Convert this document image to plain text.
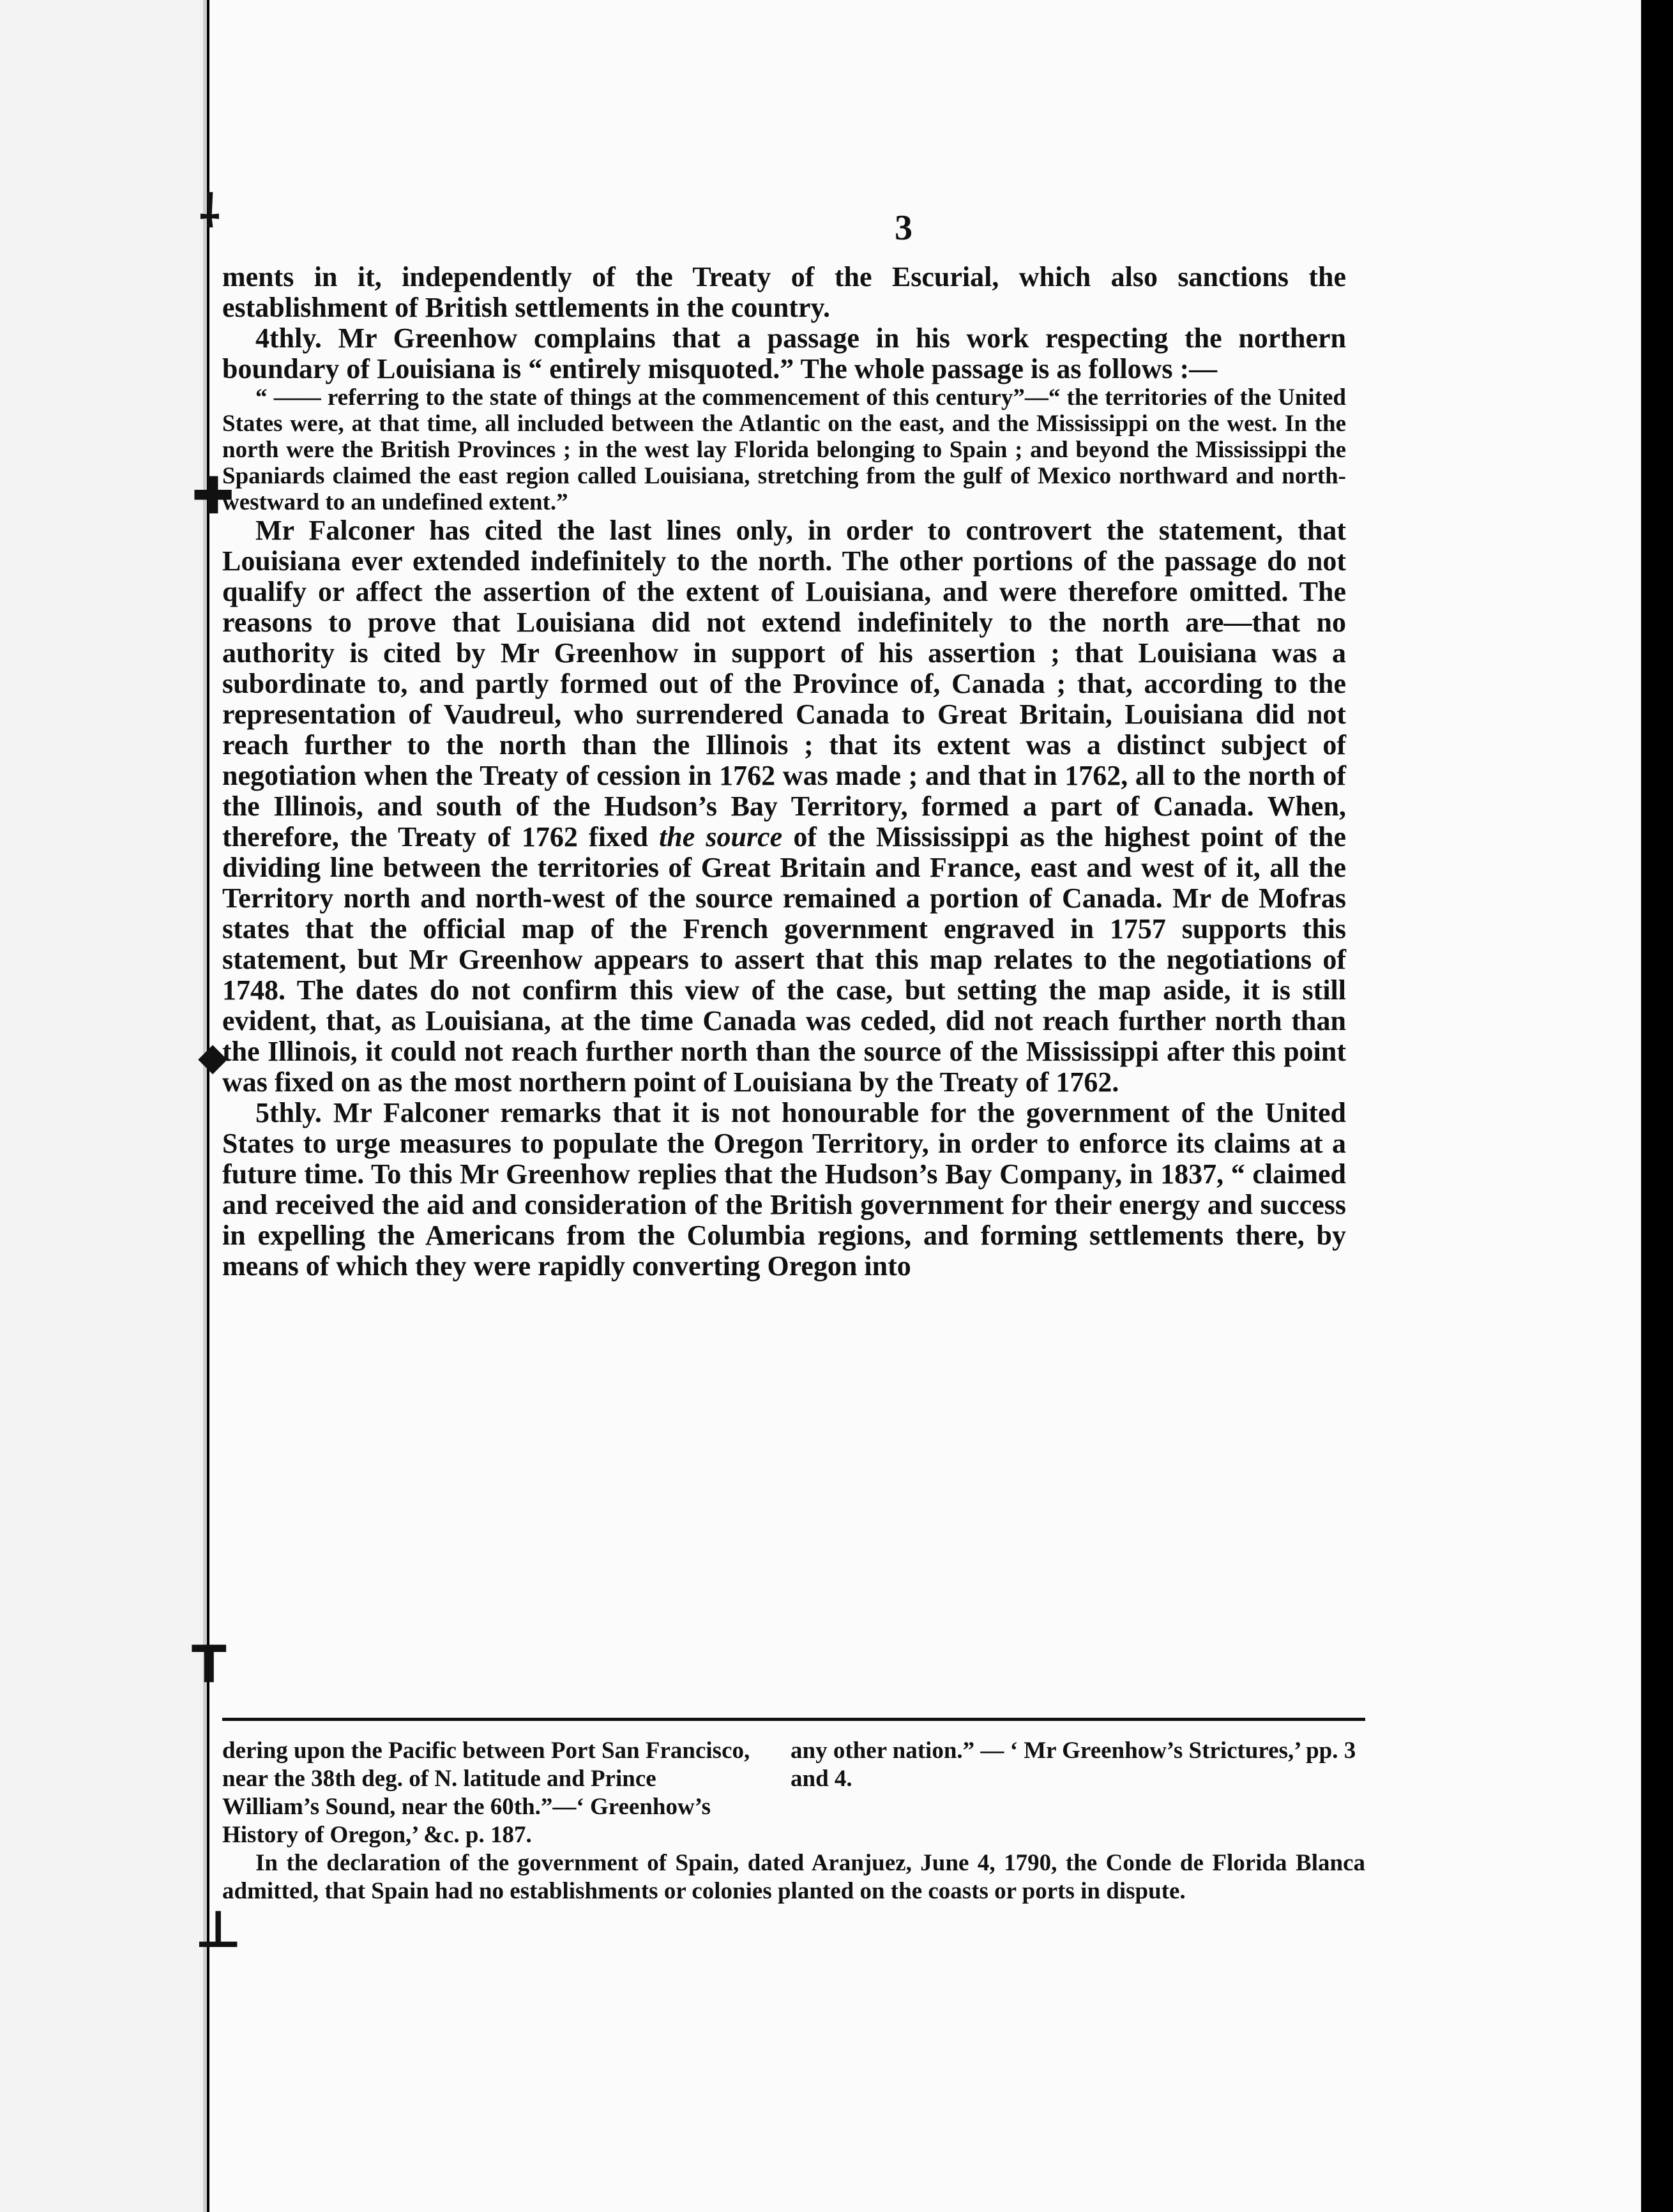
⸸
✚
◆
T
⊥
3

ments in it, independently of the Treaty of the Escurial, which also sanctions the establishment of British settlements in the country.

4thly. Mr Greenhow complains that a passage in his work respecting the northern boundary of Louisiana is “ entirely misquoted.” The whole passage is as follows :—

“ —— referring to the state of things at the commencement of this century”—“ the territories of the United States were, at that time, all included between the Atlantic on the east, and the Mississippi on the west. In the north were the British Provinces ; in the west lay Florida belonging to Spain ; and beyond the Mississippi the Spaniards claimed the east region called Louisiana, stretching from the gulf of Mexico northward and north-westward to an undefined extent.”

Mr Falconer has cited the last lines only, in order to controvert the statement, that Louisiana ever extended indefinitely to the north. The other portions of the passage do not qualify or affect the assertion of the extent of Louisiana, and were therefore omitted. The reasons to prove that Louisiana did not extend indefinitely to the north are—that no authority is cited by Mr Greenhow in support of his assertion ; that Louisiana was a subordinate to, and partly formed out of the Province of, Canada ; that, according to the representation of Vaudreul, who surrendered Canada to Great Britain, Louisiana did not reach further to the north than the Illinois ; that its extent was a distinct subject of negotiation when the Treaty of cession in 1762 was made ; and that in 1762, all to the north of the Illinois, and south of the Hudson’s Bay Territory, formed a part of Canada. When, therefore, the Treaty of 1762 fixed the source of the Mississippi as the highest point of the dividing line between the territories of Great Britain and France, east and west of it, all the Territory north and north-west of the source remained a portion of Canada. Mr de Mofras states that the official map of the French government engraved in 1757 supports this statement, but Mr Greenhow appears to assert that this map relates to the negotiations of 1748. The dates do not confirm this view of the case, but setting the map aside, it is still evident, that, as Louisiana, at the time Canada was ceded, did not reach further north than the Illinois, it could not reach further north than the source of the Mississippi after this point was fixed on as the most northern point of Louisiana by the Treaty of 1762.

5thly. Mr Falconer remarks that it is not honourable for the government of the United States to urge measures to populate the Oregon Territory, in order to enforce its claims at a future time. To this Mr Greenhow replies that the Hudson’s Bay Company, in 1837, “ claimed and received the aid and consideration of the British government for their energy and success in expelling the Americans from the Columbia regions, and forming settlements there, by means of which they were rapidly converting Oregon into

dering upon the Pacific between Port San Francisco, near the 38th deg. of N. latitude and Prince William’s Sound, near the 60th.”—‘ Greenhow’s History of Oregon,’ &c. p. 187.

any other nation.” — ‘ Mr Greenhow’s Strictures,’ pp. 3 and 4.

In the declaration of the government of Spain, dated Aranjuez, June 4, 1790, the Conde de Florida Blanca admitted, that Spain had no establishments or colonies planted on the coasts or ports in dispute.
